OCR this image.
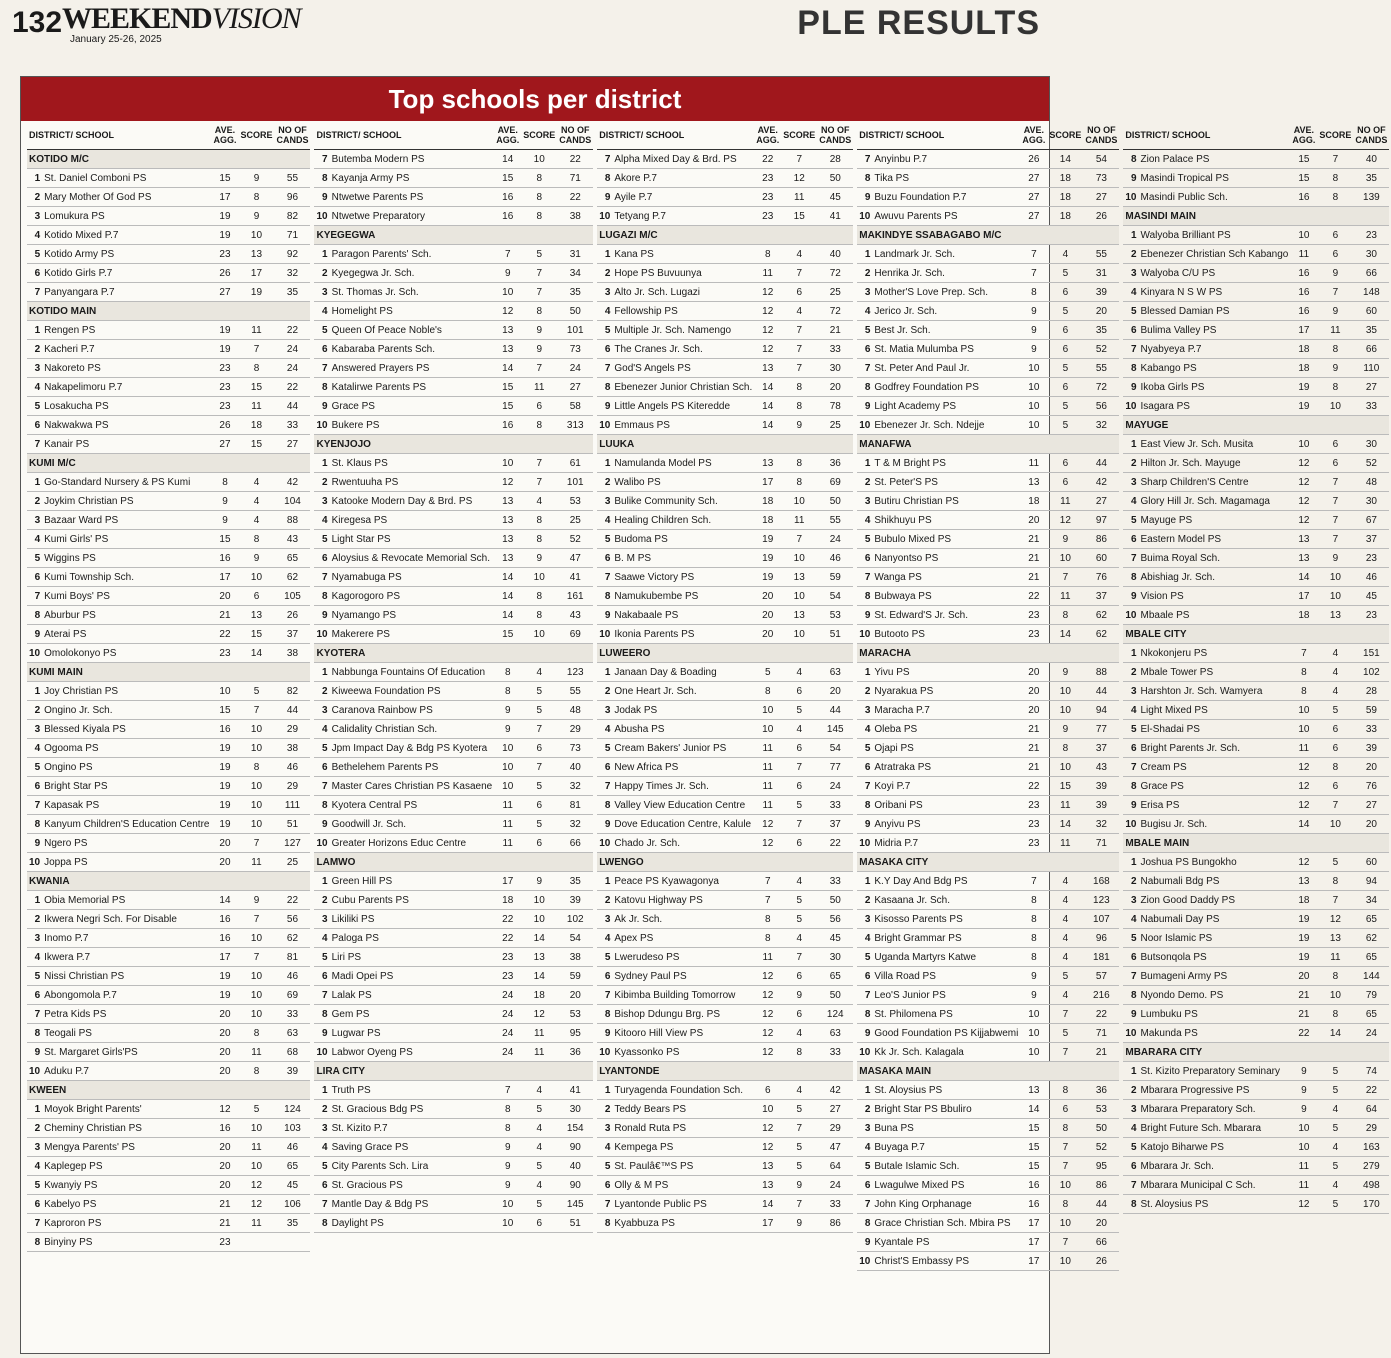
132 WEEKENDVISION
January 25-26, 2025	PLE RESULTS
Top schools per district
DISTRICT/ SCHOOL		AVE. AGG.	SCORE	NO OF CANDS
KOTIDO M/C				
1	St. Daniel Comboni PS	15	9	55
2	Mary Mother Of God PS	17	8	96
3	Lomukura PS	19	9	82
4	Kotido Mixed P.7	19	10	71
5	Kotido Army PS	23	13	92
6	Kotido Girls P.7	26	17	32
7	Panyangara P.7	27	19	35
KOTIDO MAIN				
1	Rengen PS	19	11	22
2	Kacheri P.7	19	7	24
3	Nakoreto PS	23	8	24
4	Nakapelimoru P.7	23	15	22
5	Losakucha PS	23	11	44
6	Nakwakwa PS	26	18	33
7	Kanair PS	27	15	27
KUMI M/C				
1	Go-Standard Nursery & PS Kumi	8	4	42
2	Joykim Christian PS	9	4	104
3	Bazaar Ward PS	9	4	88
4	Kumi Girls' PS	15	8	43
5	Wiggins PS	16	9	65
6	Kumi Township Sch.	17	10	62
7	Kumi Boys' PS	20	6	105
8	Aburbur PS	21	13	26
9	Aterai PS	22	15	37
10	Omolokonyo PS	23	14	38
KUMI MAIN				
1	Joy Christian PS	10	5	82
2	Ongino Jr. Sch.	15	7	44
3	Blessed Kiyala PS	16	10	29
4	Ogooma PS	19	10	38
5	Ongino PS	19	8	46
6	Bright Star PS	19	10	29
7	Kapasak PS	19	10	111
8	Kanyum Children'S Education Centre	19	10	51
9	Ngero PS	20	7	127
10	Joppa PS	20	11	25
KWANIA				
1	Obia Memorial PS	14	9	22
2	Ikwera Negri Sch. For Disable	16	7	56
3	Inomo P.7	16	10	62
4	Ikwera P.7	17	7	81
5	Nissi Christian PS	19	10	46
6	Abongomola P.7	19	10	69
7	Petra Kids PS	20	10	33
8	Teogali PS	20	8	63
9	St. Margaret Girls'PS	20	11	68
10	Aduku P.7	20	8	39
KWEEN				
1	Moyok Bright Parents'	12	5	124
2	Cheminy Christian PS	16	10	103
3	Mengya Parents' PS	20	11	46
4	Kaplegep PS	20	10	65
5	Kwanyiy PS	20	12	45
6	Kabelyo PS	21	12	106
7	Kaproron PS	21	11	35
8	Binyiny PS	23		
DISTRICT/ SCHOOL		AVE. AGG.	SCORE	NO OF CANDS
7	Butemba Modern PS	14	10	22
8	Kayanja Army PS	15	8	71
9	Ntwetwe Parents PS	16	8	22
10	Ntwetwe Preparatory	16	8	38
KYEGEGWA				
1	Paragon Parents' Sch.	7	5	31
2	Kyegegwa Jr. Sch.	9	7	34
3	St. Thomas Jr. Sch.	10	7	35
4	Homelight PS	12	8	50
5	Queen Of Peace Noble's	13	9	101
6	Kabaraba Parents Sch.	13	9	73
7	Answered Prayers PS	14	7	24
8	Katalirwe Parents PS	15	11	27
9	Grace PS	15	6	58
10	Bukere PS	16	8	313
KYENJOJO				
1	St. Klaus PS	10	7	61
2	Rwentuuha PS	12	7	101
3	Katooke Modern Day & Brd. PS	13	4	53
4	Kiregesa PS	13	8	25
5	Light Star PS	13	8	52
6	Aloysius & Revocate Memorial Sch.	13	9	47
7	Nyamabuga PS	14	10	41
8	Kagorogoro PS	14	8	161
9	Nyamango PS	14	8	43
10	Makerere PS	15	10	69
KYOTERA				
1	Nabbunga Fountains Of Education	8	4	123
2	Kiweewa Foundation PS	8	5	55
3	Caranova Rainbow PS	9	5	48
4	Calidality Christian Sch.	9	7	29
5	Jpm Impact Day & Bdg PS Kyotera	10	6	73
6	Bethelehem Parents PS	10	7	40
7	Master Cares Christian PS Kasaene	10	5	32
8	Kyotera Central PS	11	6	81
9	Goodwill Jr. Sch.	11	5	32
10	Greater Horizons Educ Centre	11	6	66
LAMWO				
1	Green Hill PS	17	9	35
2	Cubu Parents PS	18	10	39
3	Likiliki PS	22	10	102
4	Paloga PS	22	14	54
5	Liri PS	23	13	38
6	Madi Opei PS	23	14	59
7	Lalak PS	24	18	20
8	Gem PS	24	12	53
9	Lugwar PS	24	11	95
10	Labwor Oyeng PS	24	11	36
LIRA CITY				
1	Truth PS	7	4	41
2	St. Gracious Bdg PS	8	5	30
3	St. Kizito P.7	8	4	154
4	Saving Grace PS	9	4	90
5	City Parents Sch. Lira	9	5	40
6	St. Gracious PS	9	4	90
7	Mantle Day & Bdg PS	10	5	145
8	Daylight PS	10	6	51
DISTRICT/ SCHOOL		AVE. AGG.	SCORE	NO OF CANDS
7	Alpha Mixed Day & Brd. PS	22	7	28
8	Akore P.7	23	12	50
9	Ayile P.7	23	11	45
10	Tetyang P.7	23	15	41
LUGAZI M/C				
1	Kana PS	8	4	40
2	Hope PS Buvuunya	11	7	72
3	Alto Jr. Sch. Lugazi	12	6	25
4	Fellowship PS	12	4	72
5	Multiple Jr. Sch. Namengo	12	7	21
6	The Cranes Jr. Sch.	12	7	33
7	God'S Angels PS	13	7	30
8	Ebenezer Junior Christian Sch.	14	8	20
9	Little Angels PS Kiteredde	14	8	78
10	Emmaus PS	14	9	25
LUUKA				
1	Namulanda Model PS	13	8	36
2	Walibo PS	17	8	69
3	Bulike Community Sch.	18	10	50
4	Healing Children Sch.	18	11	55
5	Budoma PS	19	7	24
6	B. M PS	19	10	46
7	Saawe Victory PS	19	13	59
8	Namukubembe PS	20	10	54
9	Nakabaale PS	20	13	53
10	Ikonia Parents PS	20	10	51
LUWEERO				
1	Janaan Day & Boading	5	4	63
2	One Heart Jr. Sch.	8	6	20
3	Jodak PS	10	5	44
4	Abusha PS	10	4	145
5	Cream Bakers' Junior PS	11	6	54
6	New Africa PS	11	7	77
7	Happy Times Jr. Sch.	11	6	24
8	Valley View Education Centre	11	5	33
9	Dove Education Centre, Kalule	12	7	37
10	Chado Jr. Sch.	12	6	22
LWENGO				
1	Peace PS Kyawagonya	7	4	33
2	Katovu Highway PS	7	5	50
3	Ak Jr. Sch.	8	5	56
4	Apex PS	8	4	45
5	Lwerudeso PS	11	7	30
6	Sydney Paul PS	12	6	65
7	Kibimba Building Tomorrow	12	9	50
8	Bishop Ddungu Brg. PS	12	6	124
9	Kitooro Hill View PS	12	4	63
10	Kyassonko PS	12	8	33
LYANTONDE				
1	Turyagenda Foundation Sch.	6	4	42
2	Teddy Bears PS	10	5	27
3	Ronald Ruta PS	12	7	29
4	Kempega PS	12	5	47
5	St. Paulâ€™S PS	13	5	64
6	Olly & M PS	13	9	24
7	Lyantonde Public PS	14	7	33
8	Kyabbuza PS	17	9	86
DISTRICT/ SCHOOL		AVE. AGG.	SCORE	NO OF CANDS
7	Anyinbu P.7	26	14	54
8	Tika PS	27	18	73
9	Buzu Foundation P.7	27	18	27
10	Awuvu Parents PS	27	18	26
MAKINDYE SSABAGABO M/C				
1	Landmark Jr. Sch.	7	4	55
2	Henrika Jr. Sch.	7	5	31
3	Mother'S Love Prep. Sch.	8	6	39
4	Jerico Jr. Sch.	9	5	20
5	Best Jr. Sch.	9	6	35
6	St. Matia Mulumba PS	9	6	52
7	St. Peter And Paul Jr.	10	5	55
8	Godfrey Foundation PS	10	6	72
9	Light Academy PS	10	5	56
10	Ebenezer Jr. Sch. Ndejje	10	5	32
MANAFWA				
1	T & M Bright PS	11	6	44
2	St. Peter'S PS	13	6	42
3	Butiru Christian PS	18	11	27
4	Shikhuyu PS	20	12	97
5	Bubulo Mixed PS	21	9	86
6	Nanyontso PS	21	10	60
7	Wanga PS	21	7	76
8	Bubwaya PS	22	11	37
9	St. Edward'S Jr. Sch.	23	8	62
10	Butooto PS	23	14	62
MARACHA				
1	Yivu PS	20	9	88
2	Nyarakua PS	20	10	44
3	Maracha P.7	20	10	94
4	Oleba PS	21	9	77
5	Ojapi PS	21	8	37
6	Atratraka PS	21	10	43
7	Koyi P.7	22	15	39
8	Oribani PS	23	11	39
9	Anyivu PS	23	14	32
10	Midria P.7	23	11	71
MASAKA CITY				
1	K.Y Day And Bdg PS	7	4	168
2	Kasaana Jr. Sch.	8	4	123
3	Kisosso Parents PS	8	4	107
4	Bright Grammar PS	8	4	96
5	Uganda Martyrs Katwe	8	4	181
6	Villa Road PS	9	5	57
7	Leo'S Junior PS	9	4	216
8	St. Philomena PS	10	7	22
9	Good Foundation PS Kijjabwemi	10	5	71
10	Kk Jr. Sch. Kalagala	10	7	21
MASAKA MAIN				
1	St. Aloysius PS	13	8	36
2	Bright Star PS Bbuliro	14	6	53
3	Buna PS	15	8	50
4	Buyaga P.7	15	7	52
5	Butale Islamic Sch.	15	7	95
6	Lwagulwe Mixed PS	16	10	86
7	John King Orphanage	16	8	44
8	Grace Christian Sch. Mbira PS	17	10	20
9	Kyantale PS	17	7	66
10	Christ'S Embassy PS	17	10	26
DISTRICT/ SCHOOL		AVE. AGG.	SCORE	NO OF CANDS
8	Zion Palace PS	15	7	40
9	Masindi Tropical PS	15	8	35
10	Masindi Public Sch.	16	8	139
MASINDI MAIN				
1	Walyoba Brilliant PS	10	6	23
2	Ebenezer Christian Sch Kabango	11	6	30
3	Walyoba C/U PS	16	9	66
4	Kinyara N S W PS	16	7	148
5	Blessed Damian PS	16	9	60
6	Bulima Valley PS	17	11	35
7	Nyabyeya P.7	18	8	66
8	Kabango PS	18	9	110
9	Ikoba Girls PS	19	8	27
10	Isagara PS	19	10	33
MAYUGE				
1	East View Jr. Sch. Musita	10	6	30
2	Hilton Jr. Sch. Mayuge	12	6	52
3	Sharp Children'S Centre	12	7	48
4	Glory Hill Jr. Sch. Magamaga	12	7	30
5	Mayuge PS	12	7	67
6	Eastern Model PS	13	7	37
7	Buima Royal Sch.	13	9	23
8	Abishiag Jr. Sch.	14	10	46
9	Vision PS	17	10	45
10	Mbaale PS	18	13	23
MBALE CITY				
1	Nkokonjeru PS	7	4	151
2	Mbale Tower PS	8	4	102
3	Harshton Jr. Sch. Wamyera	8	4	28
4	Light Mixed PS	10	5	59
5	El-Shadai PS	10	6	33
6	Bright Parents Jr. Sch.	11	6	39
7	Cream PS	12	8	20
8	Grace PS	12	6	76
9	Erisa PS	12	7	27
10	Bugisu Jr. Sch.	14	10	20
MBALE MAIN				
1	Joshua PS Bungokho	12	5	60
2	Nabumali Bdg PS	13	8	94
3	Zion Good Daddy PS	18	7	34
4	Nabumali Day PS	19	12	65
5	Noor Islamic PS	19	13	62
6	Butsonqola PS	19	11	65
7	Bumageni Army PS	20	8	144
8	Nyondo Demo. PS	21	10	79
9	Lumbuku PS	21	8	65
10	Makunda PS	22	14	24
MBARARA CITY				
1	St. Kizito Preparatory Seminary	9	5	74
2	Mbarara Progressive PS	9	5	22
3	Mbarara Preparatory Sch.	9	4	64
4	Bright Future Sch. Mbarara	10	5	29
5	Katojo Biharwe PS	10	4	163
6	Mbarara Jr. Sch.	11	5	279
7	Mbarara Municipal C Sch.	11	4	498
8	St. Aloysius PS	12	5	170
